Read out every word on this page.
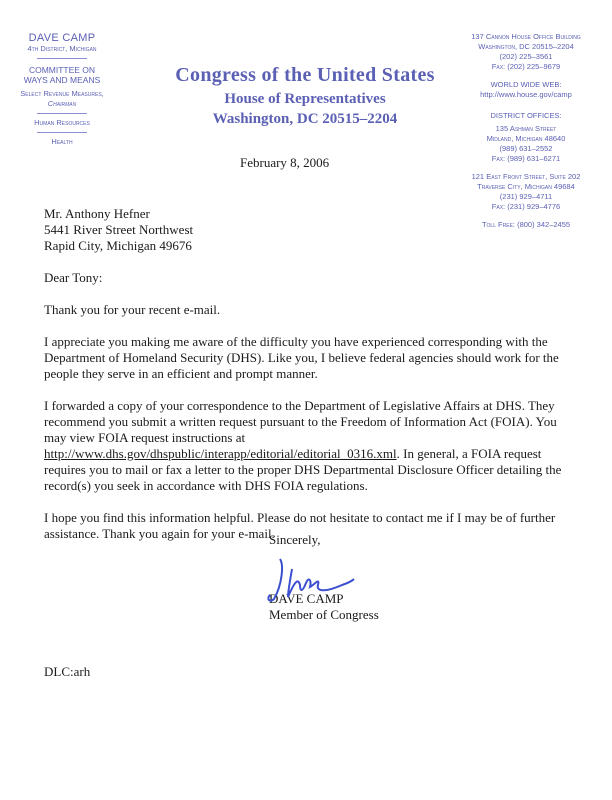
DAVE CAMP
4th District, Michigan
COMMITTEE ON
WAYS AND MEANS
Select Revenue Measures,
Chairman
Human Resources
Health
Congress of the United States
House of Representatives
Washington, DC 20515–2204
137 Cannon House Office Building
Washington, DC 20515–2204
(202) 225–3561
Fax: (202) 225–9679
WORLD WIDE WEB:
http://www.house.gov/camp
DISTRICT OFFICES:
135 Ashman Street
Midland, Michigan 48640
(989) 631–2552
Fax: (989) 631–6271
121 East Front Street, Suite 202
Traverse City, Michigan 49684
(231) 929–4711
Fax: (231) 929–4776
Toll Free: (800) 342–2455
February 8, 2006

Mr. Anthony Hefner
5441 River Street Northwest
Rapid City, Michigan 49676

Dear Tony:

Thank you for your recent e-mail.

I appreciate you making me aware of the difficulty you have experienced corresponding with the Department of Homeland Security (DHS). Like you, I believe federal agencies should work for the people they serve in an efficient and prompt manner.

I forwarded a copy of your correspondence to the Department of Legislative Affairs at DHS. They recommend you submit a written request pursuant to the Freedom of Information Act (FOIA). You may view FOIA request instructions at http://www.dhs.gov/dhspublic/interapp/editorial/editorial_0316.xml. In general, a FOIA request requires you to mail or fax a letter to the proper DHS Departmental Disclosure Officer detailing the record(s) you seek in accordance with DHS FOIA regulations.

I hope you find this information helpful. Please do not hesitate to contact me if I may be of further assistance. Thank you again for your e-mail.

Sincerely,
DAVE CAMP
Member of Congress
DLC:arh
